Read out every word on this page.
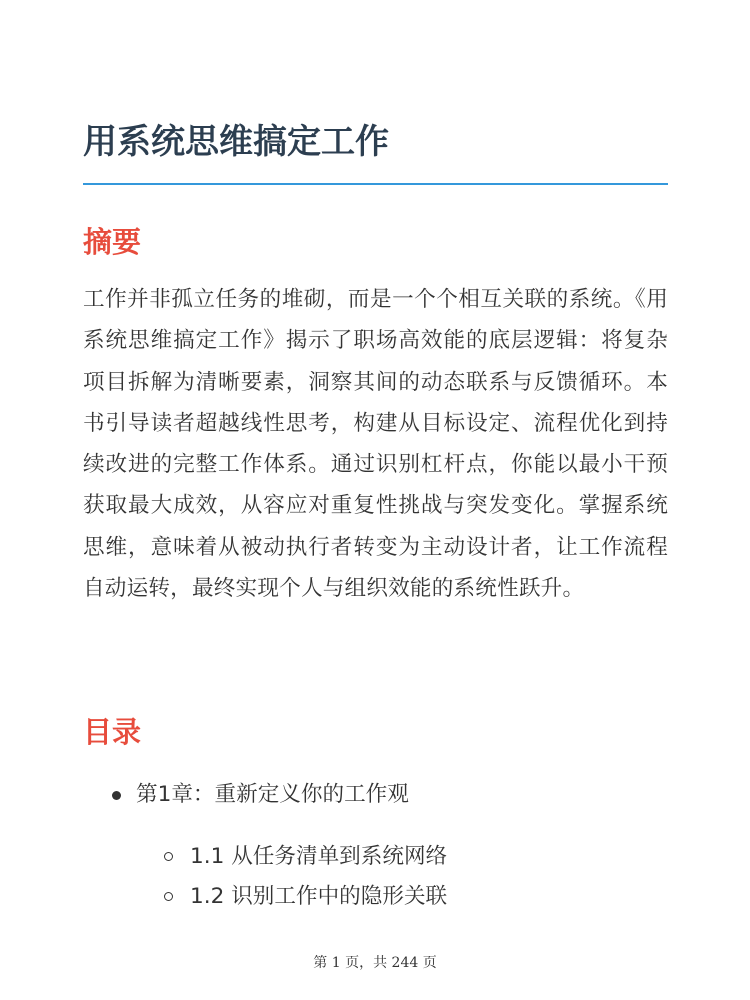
用系统思维搞定工作
摘要

工作并非孤立任务的堆砌，而是一个个相互关联的系统。《用系统思维搞定工作》揭示了职场高效能的底层逻辑：将复杂项目拆解为清晰要素，洞察其间的动态联系与反馈循环。本书引导读者超越线性思考，构建从目标设定、流程优化到持续改进的完整工作体系。通过识别杠杆点，你能以最小干预获取最大成效，从容应对重复性挑战与突发变化。掌握系统思维，意味着从被动执行者转变为主动设计者，让工作流程自动运转，最终实现个人与组织效能的系统性跃升。

目录
第1章：重新定义你的工作观
1.1 从任务清单到系统网络
1.2 识别工作中的隐形关联
第 1 页，共 244 页
